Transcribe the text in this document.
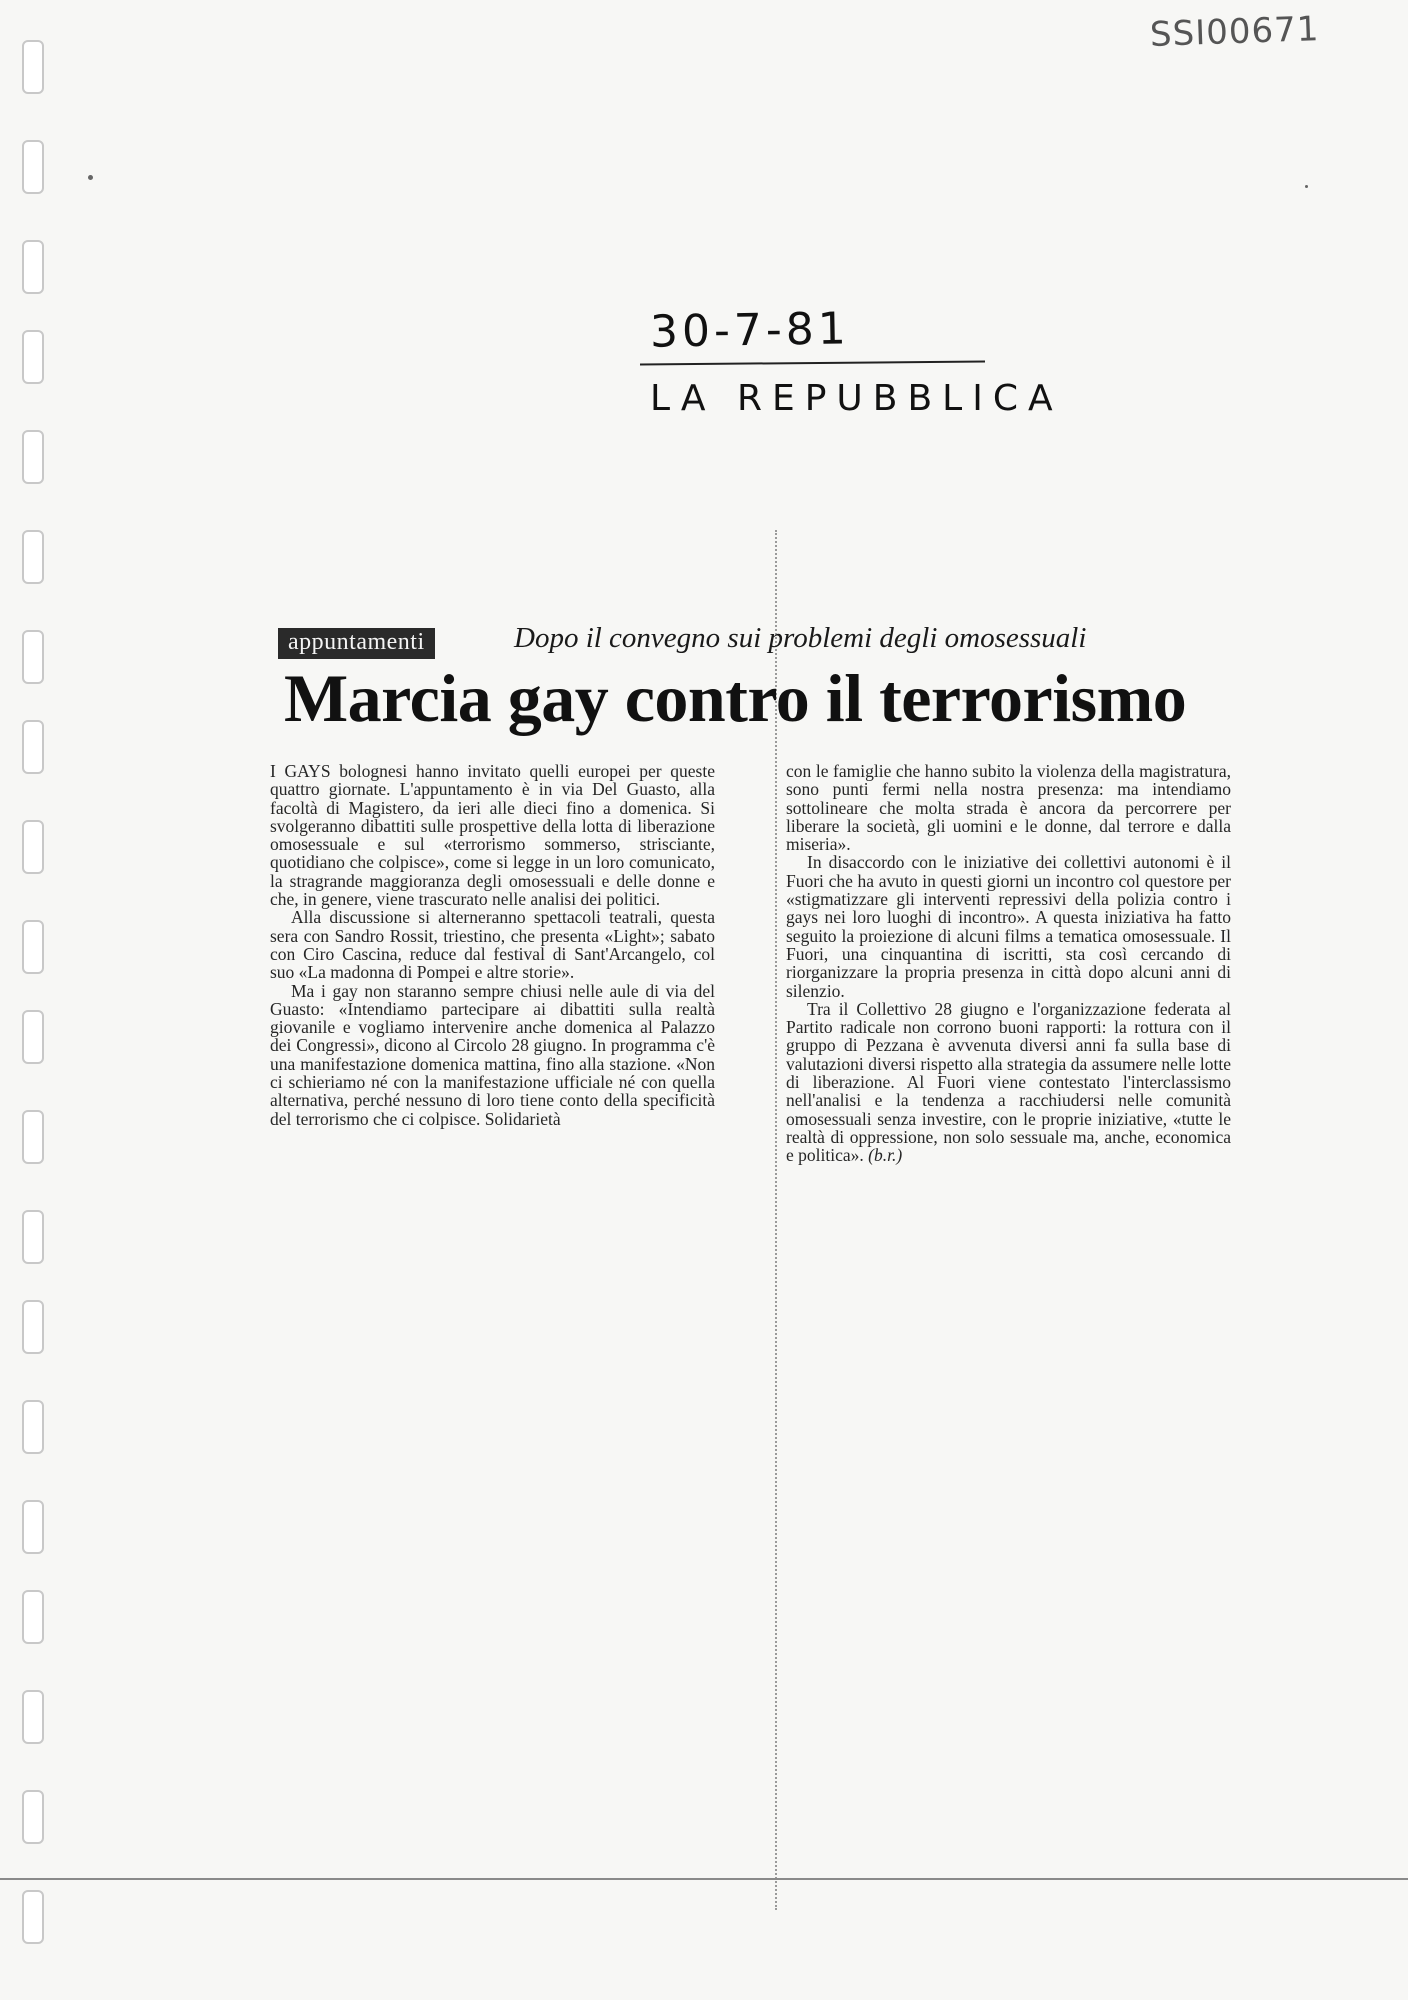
SSI00671
30-7-81
LA REPUBBLICA
appuntamenti	Dopo il convegno sui problemi degli omosessuali
Marcia gay contro il terrorismo

I GAYS bolognesi hanno invitato quelli europei per queste quattro giornate. L'appuntamento è in via Del Guasto, alla facoltà di Magistero, da ieri alle dieci fino a domenica. Si svolgeranno dibattiti sulle prospettive della lotta di liberazione omosessuale e sul «terrorismo sommerso, strisciante, quotidiano che colpisce», come si legge in un loro comunicato, la stragrande maggioranza degli omosessuali e delle donne e che, in genere, viene trascurato nelle analisi dei politici.

Alla discussione si alterneranno spettacoli teatrali, questa sera con Sandro Rossit, triestino, che presenta «Light»; sabato con Ciro Cascina, reduce dal festival di Sant'Arcangelo, col suo «La madonna di Pompei e altre storie».

Ma i gay non staranno sempre chiusi nelle aule di via del Guasto: «Intendiamo partecipare ai dibattiti sulla realtà giovanile e vogliamo intervenire anche domenica al Palazzo dei Congressi», dicono al Circolo 28 giugno. In programma c'è una manifestazione domenica mattina, fino alla stazione. «Non ci schieriamo né con la manifestazione ufficiale né con quella alternativa, perché nessuno di loro tiene conto della specificità del terrorismo che ci colpisce. Solidarietà

con le famiglie che hanno subito la violenza della magistratura, sono punti fermi nella nostra presenza: ma intendiamo sottolineare che molta strada è ancora da percorrere per liberare la società, gli uomini e le donne, dal terrore e dalla miseria».

In disaccordo con le iniziative dei collettivi autonomi è il Fuori che ha avuto in questi giorni un incontro col questore per «stigmatizzare gli interventi repressivi della polizia contro i gays nei loro luoghi di incontro». A questa iniziativa ha fatto seguito la proiezione di alcuni films a tematica omosessuale. Il Fuori, una cinquantina di iscritti, sta così cercando di riorganizzare la propria presenza in città dopo alcuni anni di silenzio.

Tra il Collettivo 28 giugno e l'organizzazione federata al Partito radicale non corrono buoni rapporti: la rottura con il gruppo di Pezzana è avvenuta diversi anni fa sulla base di valutazioni diversi rispetto alla strategia da assumere nelle lotte di liberazione. Al Fuori viene contestato l'interclassismo nell'analisi e la tendenza a racchiudersi nelle comunità omosessuali senza investire, con le proprie iniziative, «tutte le realtà di oppressione, non solo sessuale ma, anche, economica e politica». (b.r.)
